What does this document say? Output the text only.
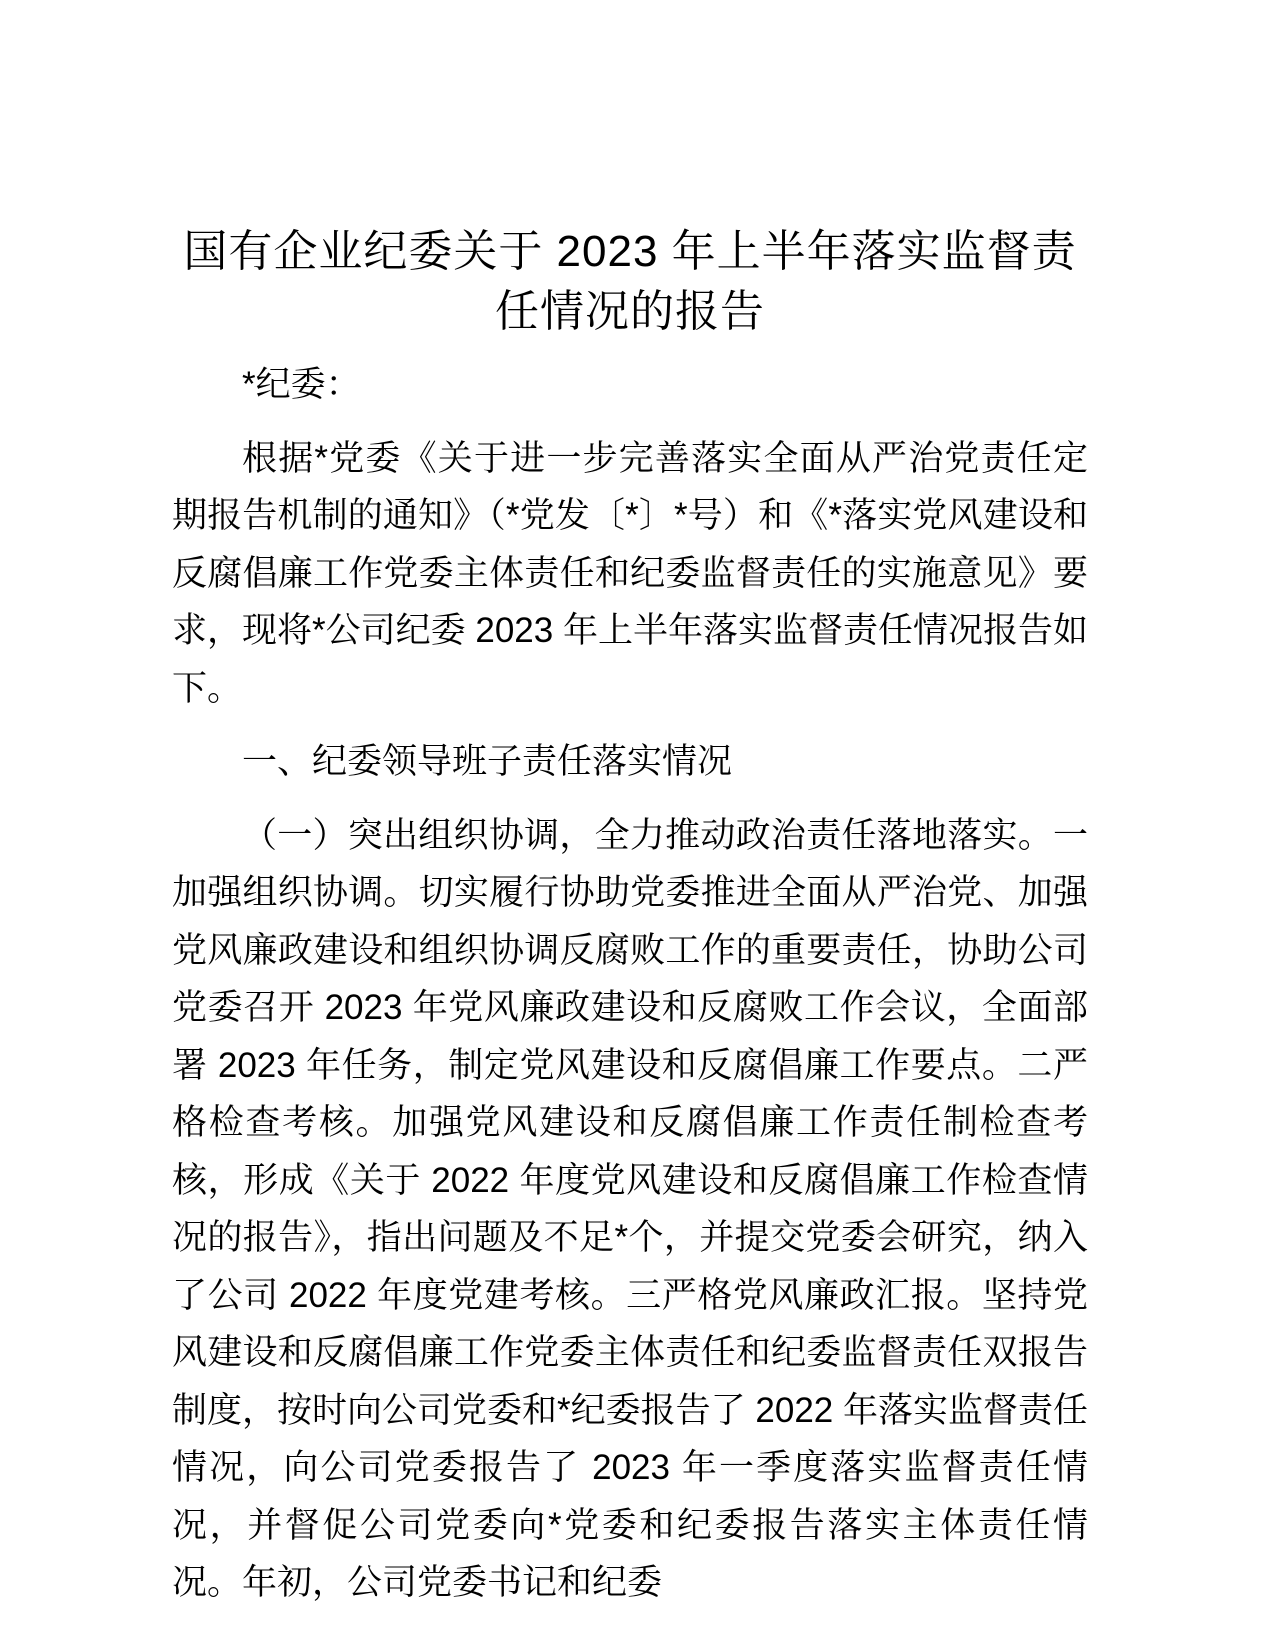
国有企业纪委关于 2023 年上半年落实监督责任情况的报告

*纪委：

根据*党委《关于进一步完善落实全面从严治党责任定期报告机制的通知》（*党发〔*〕*号）和《*落实党风建设和反腐倡廉工作党委主体责任和纪委监督责任的实施意见》要求，现将*公司纪委 2023 年上半年落实监督责任情况报告如下。

一、纪委领导班子责任落实情况

（一）突出组织协调，全力推动政治责任落地落实。一加强组织协调。切实履行协助党委推进全面从严治党、加强党风廉政建设和组织协调反腐败工作的重要责任，协助公司党委召开 2023 年党风廉政建设和反腐败工作会议，全面部署 2023 年任务，制定党风建设和反腐倡廉工作要点。二严格检查考核。加强党风建设和反腐倡廉工作责任制检查考核，形成《关于 2022 年度党风建设和反腐倡廉工作检查情况的报告》，指出问题及不足*个，并提交党委会研究，纳入了公司 2022 年度党建考核。三严格党风廉政汇报。坚持党风建设和反腐倡廉工作党委主体责任和纪委监督责任双报告制度，按时向公司党委和*纪委报告了 2022 年落实监督责任情况，向公司党委报告了 2023 年一季度落实监督责任情况，并督促公司党委向*党委和纪委报告落实主体责任情况。年初，公司党委书记和纪委
